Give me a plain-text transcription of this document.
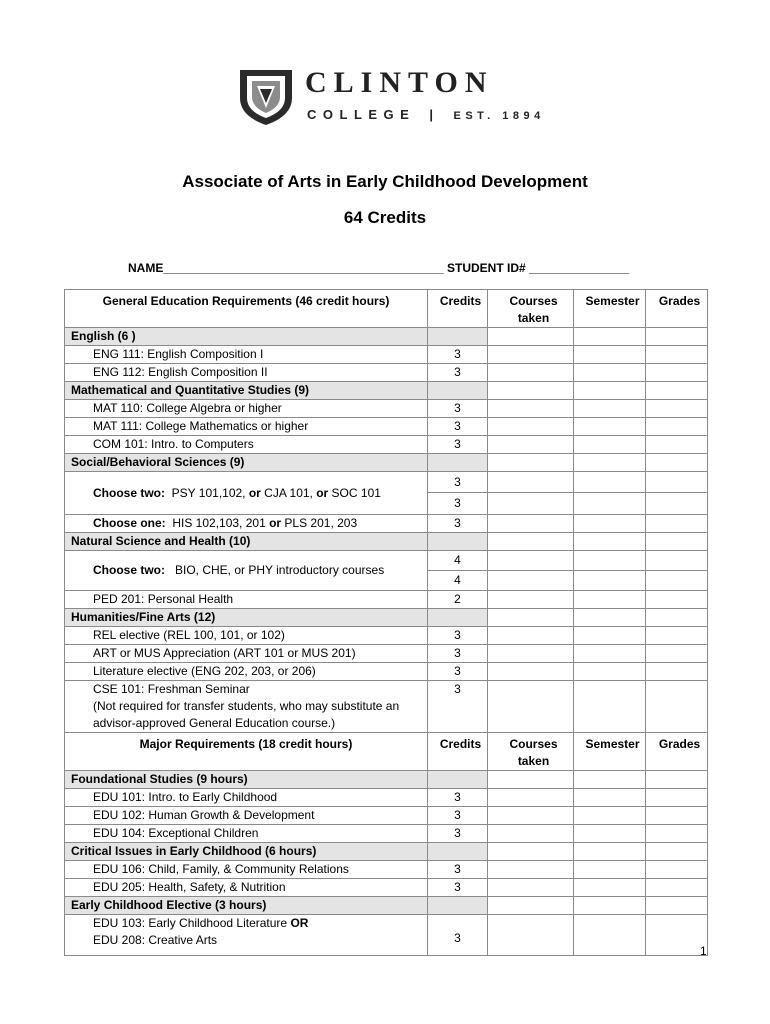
CLINTON
COLLEGE | EST. 1894
Associate of Arts in Early Childhood Development
64 Credits
NAME__________________________________________ STUDENT ID# _______________
General Education Requirements (46 credit hours)	Credits	Courses taken	Semester	Grades
English (6 )				
ENG 111: English Composition I	3			
ENG 112: English Composition II	3			
Mathematical and Quantitative Studies (9)				
MAT 110: College Algebra or higher	3			
MAT 111: College Mathematics or higher	3			
COM 101: Intro. to Computers	3			
Social/Behavioral Sciences (9)				
Choose two:  PSY 101,102, or CJA 101, or SOC 101	3			
	3			
Choose one:  HIS 102,103, 201 or PLS 201, 203	3			
Natural Science and Health (10)				
Choose two:   BIO, CHE, or PHY introductory courses	4			
	4			
PED 201: Personal Health	2			
Humanities/Fine Arts (12)				
REL elective (REL 100, 101, or 102)	3			
ART or MUS Appreciation (ART 101 or MUS 201)	3			
Literature elective (ENG 202, 203, or 206)	3			

CSE 101: Freshman Seminar
(Not required for transfer students, who may substitute an
advisor-approved General Education course.)	3			
Major Requirements (18 credit hours)	Credits	Courses taken	Semester	Grades
Foundational Studies (9 hours)				
EDU 101: Intro. to Early Childhood	3			
EDU 102: Human Growth & Development	3			
EDU 104: Exceptional Children	3			
Critical Issues in Early Childhood (6 hours)				
EDU 106: Child, Family, & Community Relations	3			
EDU 205: Health, Safety, & Nutrition	3			
Early Childhood Elective (3 hours)				

EDU 103: Early Childhood Literature OR
EDU 208: Creative Arts	3			
1
